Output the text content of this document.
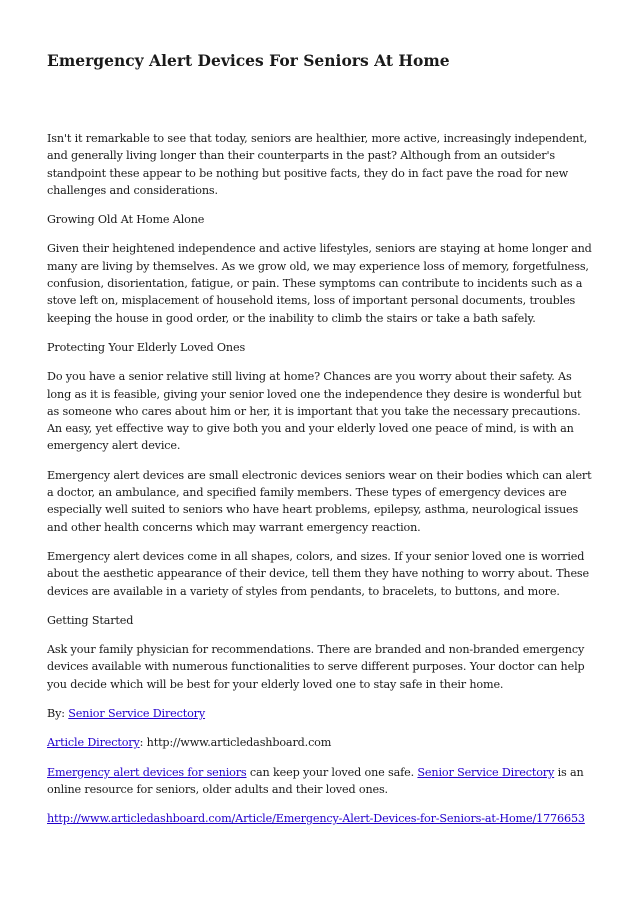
Emergency Alert Devices For Seniors At Home

Isn't it remarkable to see that today, seniors are healthier, more active, increasingly independent, and generally living longer than their counterparts in the past? Although from an outsider's standpoint these appear to be nothing but positive facts, they do in fact pave the road for new challenges and considerations.

Growing Old At Home Alone

Given their heightened independence and active lifestyles, seniors are staying at home longer and many are living by themselves. As we grow old, we may experience loss of memory, forgetfulness, confusion, disorientation, fatigue, or pain. These symptoms can contribute to incidents such as a stove left on, misplacement of household items, loss of important personal documents, troubles keeping the house in good order, or the inability to climb the stairs or take a bath safely.

Protecting Your Elderly Loved Ones

Do you have a senior relative still living at home? Chances are you worry about their safety. As long as it is feasible, giving your senior loved one the independence they desire is wonderful but as someone who cares about him or her, it is important that you take the necessary precautions. An easy, yet effective way to give both you and your elderly loved one peace of mind, is with an emergency alert device.

Emergency alert devices are small electronic devices seniors wear on their bodies which can alert a doctor, an ambulance, and specified family members. These types of emergency devices are especially well suited to seniors who have heart problems, epilepsy, asthma, neurological issues and other health concerns which may warrant emergency reaction.

Emergency alert devices come in all shapes, colors, and sizes. If your senior loved one is worried about the aesthetic appearance of their device, tell them they have nothing to worry about. These devices are available in a variety of styles from pendants, to bracelets, to buttons, and more.

Getting Started

Ask your family physician for recommendations. There are branded and non-branded emergency devices available with numerous functionalities to serve different purposes. Your doctor can help you decide which will be best for your elderly loved one to stay safe in their home.

By: Senior Service Directory

Article Directory: http://www.articledashboard.com

Emergency alert devices for seniors can keep your loved one safe. Senior Service Directory is an online resource for seniors, older adults and their loved ones.

http://www.articledashboard.com/Article/Emergency-Alert-Devices-for-Seniors-at-Home/1776653
